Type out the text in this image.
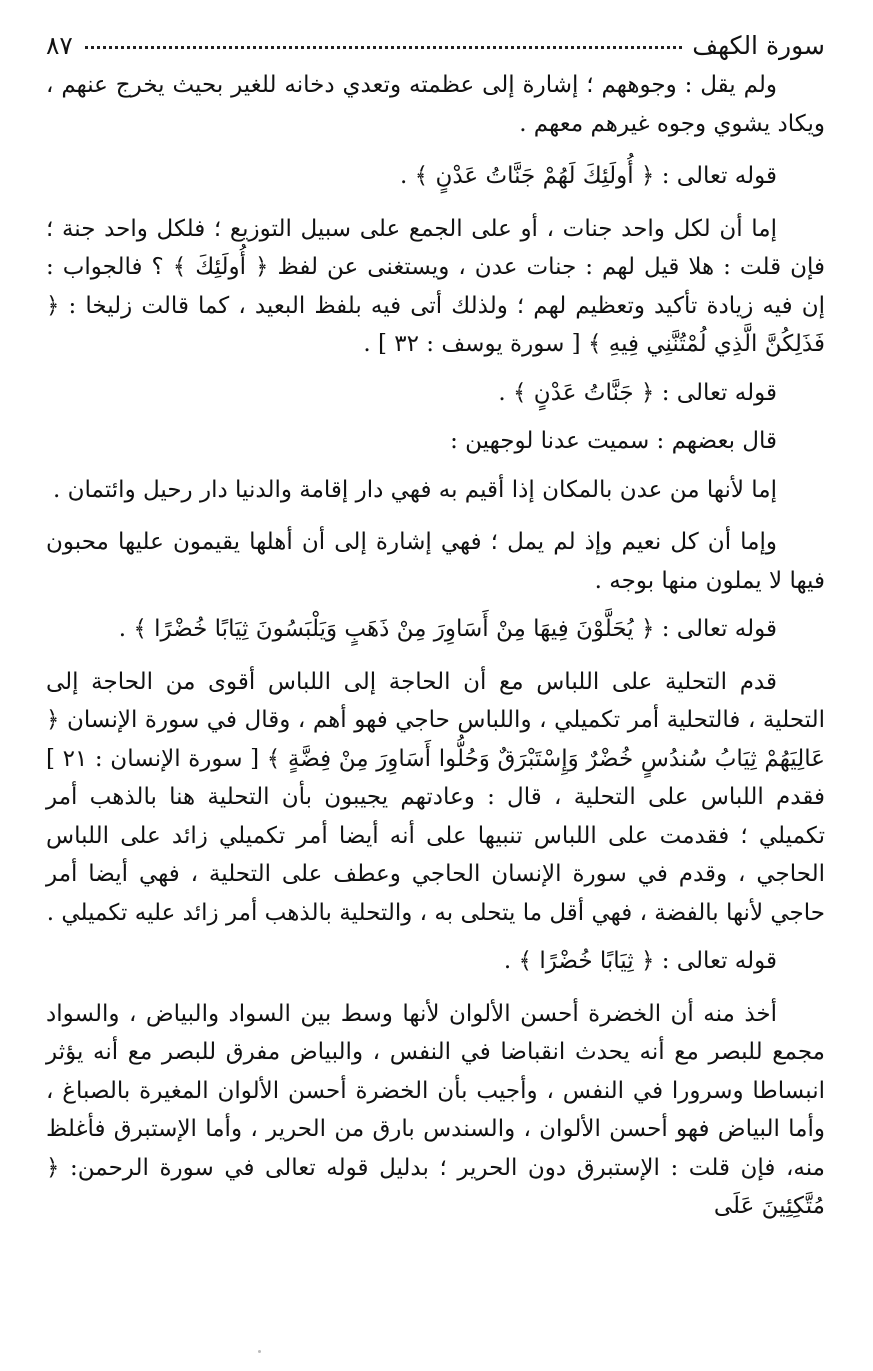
سورة الكهف
٨٧

ولم يقل : وجوههم ؛ إشارة إلى عظمته وتعدي دخانه للغير بحيث يخرج عنهم ، ويكاد يشوي وجوه غيرهم معهم .

قوله تعالى : ﴿ أُولَئِكَ لَهُمْ جَنَّاتُ عَدْنٍ ﴾ .

إما أن لكل واحد جنات ، أو على الجمع على سبيل التوزيع ؛ فلكل واحد جنة ؛ فإن قلت : هلا قيل لهم : جنات عدن ، ويستغنى عن لفظ ﴿ أُولَئِكَ ﴾ ؟ فالجواب : إن فيه زيادة تأكيد وتعظيم لهم ؛ ولذلك أتى فيه بلفظ البعيد ، كما قالت زليخا : ﴿ فَذَلِكُنَّ الَّذِي لُمْتُنَّنِي فِيهِ ﴾ [ سورة يوسف : ٣٢ ] .

قوله تعالى : ﴿ جَنَّاتُ عَدْنٍ ﴾ .

قال بعضهم : سميت عدنا لوجهين :

إما لأنها من عدن بالمكان إذا أقيم به فهي دار إقامة والدنيا دار رحيل وائتمان .

وإما أن كل نعيم وإذ لم يمل ؛ فهي إشارة إلى أن أهلها يقيمون عليها محبون فيها لا يملون منها بوجه .

قوله تعالى : ﴿ يُحَلَّوْنَ فِيهَا مِنْ أَسَاوِرَ مِنْ ذَهَبٍ وَيَلْبَسُونَ ثِيَابًا خُضْرًا ﴾ .

قدم التحلية على اللباس مع أن الحاجة إلى اللباس أقوى من الحاجة إلى التحلية ، فالتحلية أمر تكميلي ، واللباس حاجي فهو أهم ، وقال في سورة الإنسان ﴿ عَالِيَهُمْ ثِيَابُ سُندُسٍ خُضْرٌ وَإِسْتَبْرَقٌ وَحُلُّوا أَسَاوِرَ مِنْ فِضَّةٍ ﴾ [ سورة الإنسان : ٢١ ] فقدم اللباس على التحلية ، قال : وعادتهم يجيبون بأن التحلية هنا بالذهب أمر تكميلي ؛ فقدمت على اللباس تنبيها على أنه أيضا أمر تكميلي زائد على اللباس الحاجي ، وقدم في سورة الإنسان الحاجي وعطف على التحلية ، فهي أيضا أمر حاجي لأنها بالفضة ، فهي أقل ما يتحلى به ، والتحلية بالذهب أمر زائد عليه تكميلي .

قوله تعالى : ﴿ ثِيَابًا خُضْرًا ﴾ .

أخذ منه أن الخضرة أحسن الألوان لأنها وسط بين السواد والبياض ، والسواد مجمع للبصر مع أنه يحدث انقباضا في النفس ، والبياض مفرق للبصر مع أنه يؤثر انبساطا وسرورا في النفس ، وأجيب بأن الخضرة أحسن الألوان المغيرة بالصباغ ، وأما البياض فهو أحسن الألوان ، والسندس بارق من الحرير ، وأما الإستبرق فأغلظ منه، فإن قلت : الإستبرق دون الحرير ؛ بدليل قوله تعالى في سورة الرحمن: ﴿ مُتَّكِئِينَ عَلَى
